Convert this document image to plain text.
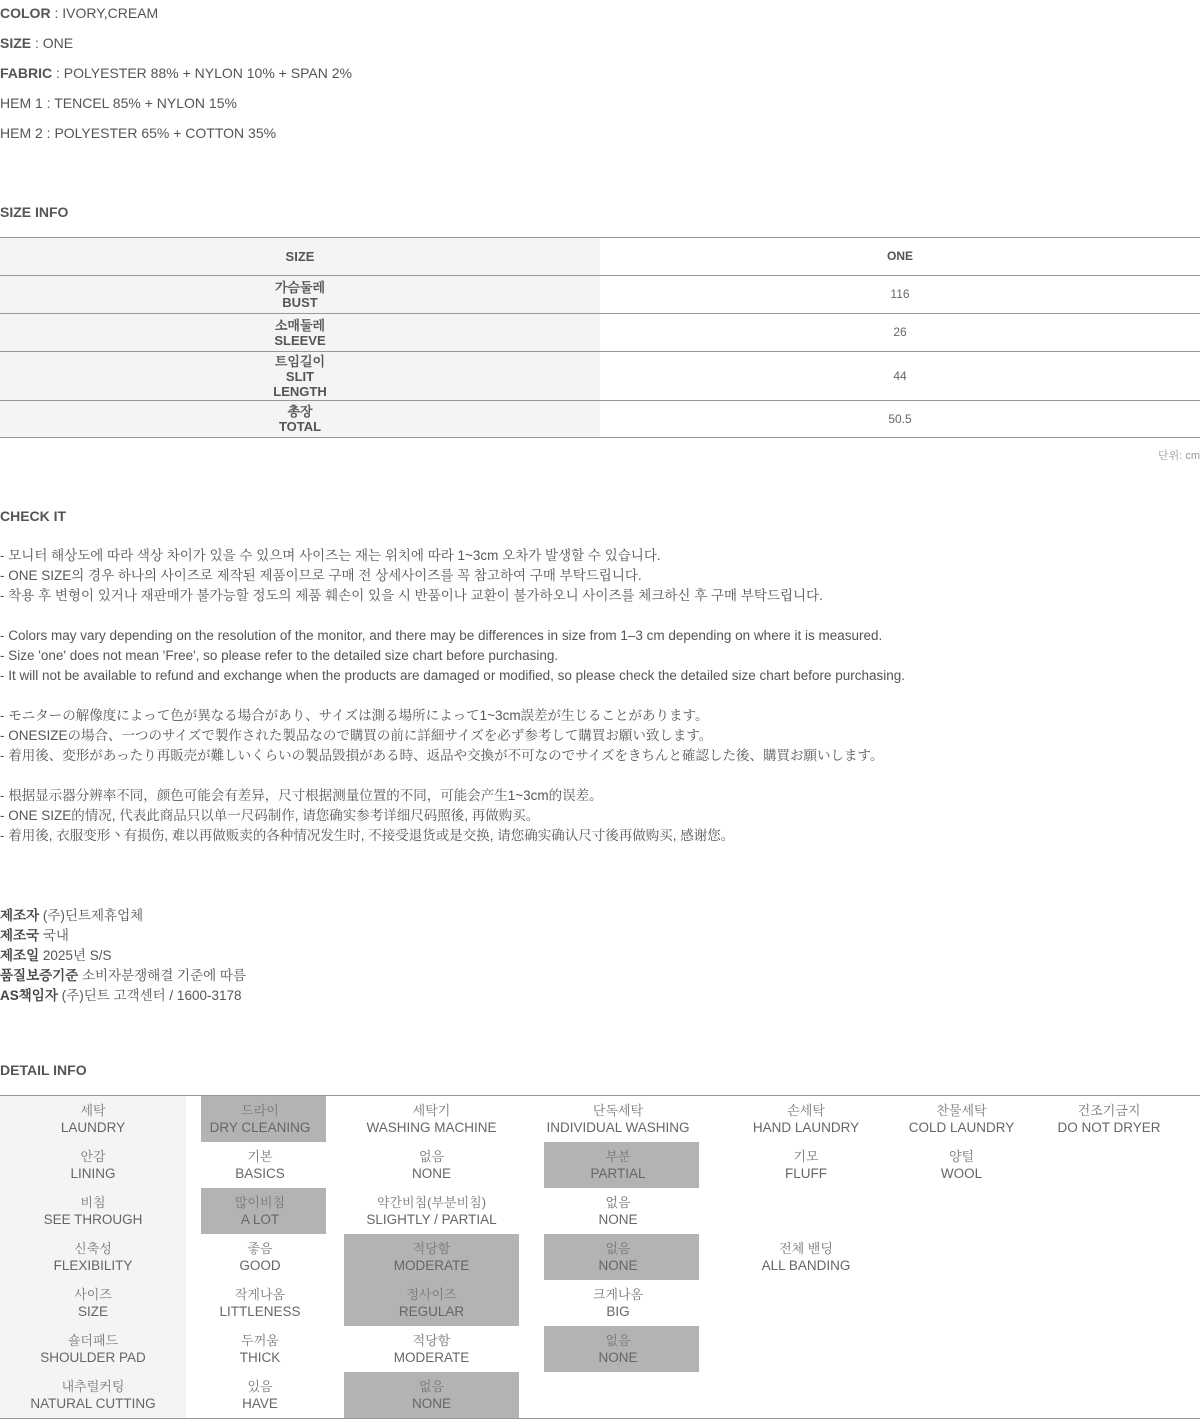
COLOR : IVORY,CREAM
SIZE : ONE
FABRIC : POLYESTER 88% + NYLON 10% + SPAN 2%
HEM 1 : TENCEL 85% + NYLON 15%
HEM 2 : POLYESTER 65% + COTTON 35%
SIZE INFO
SIZE	ONE

가슴둘레
BUST	116

소매둘레
SLEEVE	26

트임길이
SLIT
LENGTH	44

총장
TOTAL	50.5
단위: cm
CHECK IT
- 모니터 해상도에 따라 색상 차이가 있을 수 있으며 사이즈는 재는 위치에 따라 1~3cm 오차가 발생할 수 있습니다.
- ONE SIZE의 경우 하나의 사이즈로 제작된 제품이므로 구매 전 상세사이즈를 꼭 참고하여 구매 부탁드립니다.
- 착용 후 변형이 있거나 재판매가 불가능할 정도의 제품 훼손이 있을 시 반품이나 교환이 불가하오니 사이즈를 체크하신 후 구매 부탁드립니다.
- Colors may vary depending on the resolution of the monitor, and there may be differences in size from 1–3 cm depending on where it is measured.
- Size 'one' does not mean 'Free', so please refer to the detailed size chart before purchasing.
- It will not be available to refund and exchange when the products are damaged or modified, so please check the detailed size chart before purchasing.
- モニターの解像度によって色が異なる場合があり、サイズは測る場所によって1~3cm誤差が生じることがあります。
- ONESIZEの場合、一つのサイズで製作された製品なので購買の前に詳細サイズを必ず参考して購買お願い致します。
- 着用後、変形があったり再販売が難しいくらいの製品毀損がある時、返品や交換が不可なのでサイズをきちんと確認した後、購買お願いします。
- 根据显示器分辨率不同，颜色可能会有差异，尺寸根据测量位置的不同，可能会产生1~3cm的误差。
- ONE SIZE的情况, 代表此商品只以单一尺码制作, 请您确实参考详细尺码照後, 再做购买。
- 着用後, 衣服变形丶有损伤, 难以再做贩卖的各种情况发生时, 不接受退货或是交换, 请您确实确认尺寸後再做购买, 感谢您。
제조자 (주)딘트제휴업체
제조국 국내
제조일 2025년 S/S
품질보증기준 소비자분쟁해결 기준에 따름
AS책임자 (주)딘트 고객센터 / 1600-3178
DETAIL INFO
세탁
LAUNDRY	드라이
DRY CLEANING	세탁기
WASHING MACHINE	단독세탁
INDIVIDUAL WASHING	손세탁
HAND LAUNDRY	찬물세탁
COLD LAUNDRY	건조기금지
DO NOT DRYER

안감
LINING	기본
BASICS	없음
NONE	부분
PARTIAL	기모
FLUFF	양털
WOOL	

비침
SEE THROUGH	많이비침
A LOT	약간비침(부분비침)
SLIGHTLY / PARTIAL	없음
NONE	

신축성
FLEXIBILITY	좋음
GOOD	적당함
MODERATE	없음
NONE	전체 밴딩
ALL BANDING	

사이즈
SIZE	작게나옴
LITTLENESS	정사이즈
REGULAR	크게나옴
BIG	

숄더패드
SHOULDER PAD	두꺼움
THICK	적당함
MODERATE	없음
NONE	

내추럴커팅
NATURAL CUTTING	있음
HAVE	없음
NONE	
